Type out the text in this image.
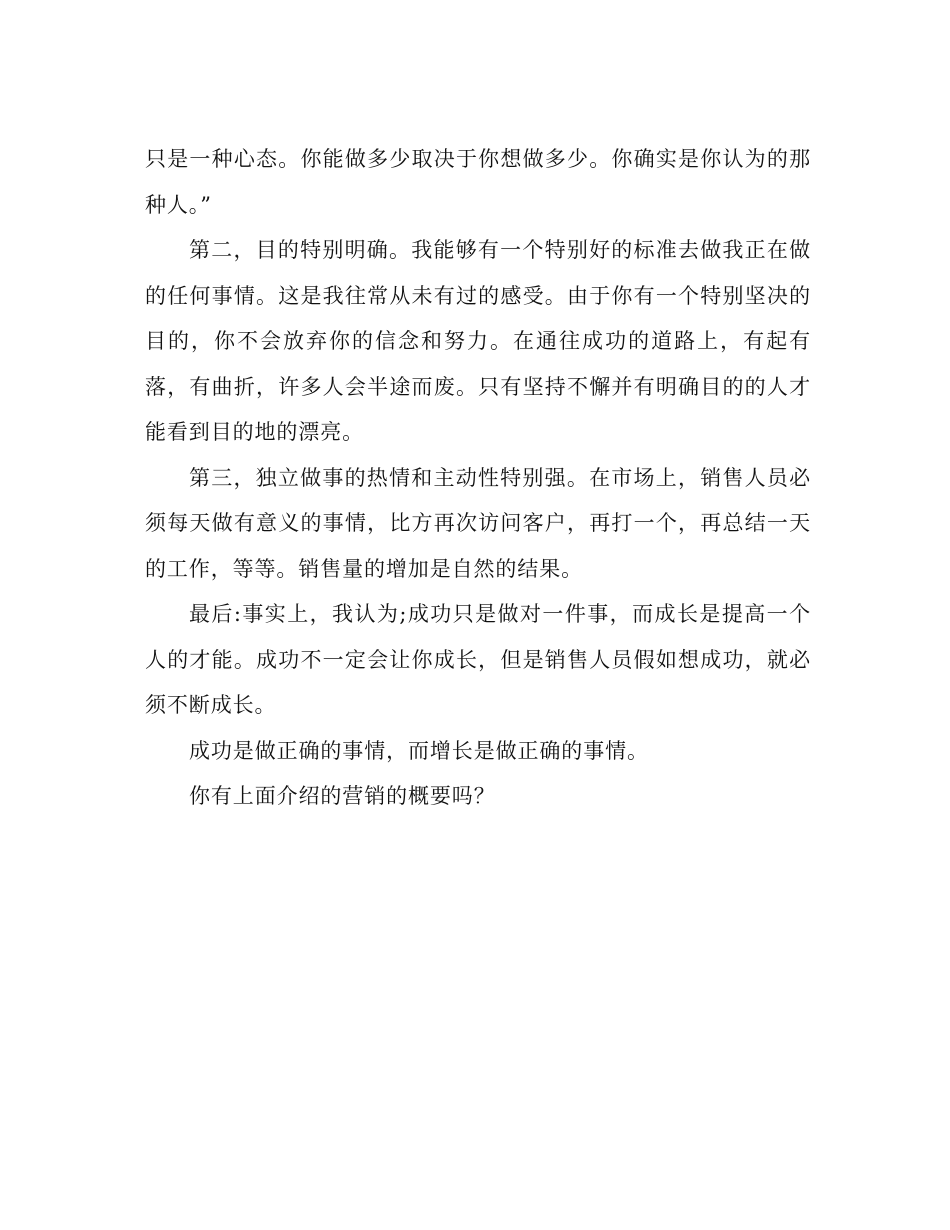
只是一种心态。你能做多少取决于你想做多少。你确实是你认为的那种人。”

第二，目的特别明确。我能够有一个特别好的标准去做我正在做的任何事情。这是我往常从未有过的感受。由于你有一个特别坚决的目的，你不会放弃你的信念和努力。在通往成功的道路上，有起有落，有曲折，许多人会半途而废。只有坚持不懈并有明确目的的人才能看到目的地的漂亮。

第三，独立做事的热情和主动性特别强。在市场上，销售人员必须每天做有意义的事情，比方再次访问客户，再打一个，再总结一天的工作，等等。销售量的增加是自然的结果。

最后:事实上，我认为;成功只是做对一件事，而成长是提高一个人的才能。成功不一定会让你成长，但是销售人员假如想成功，就必须不断成长。

成功是做正确的事情，而增长是做正确的事情。

你有上面介绍的营销的概要吗？
